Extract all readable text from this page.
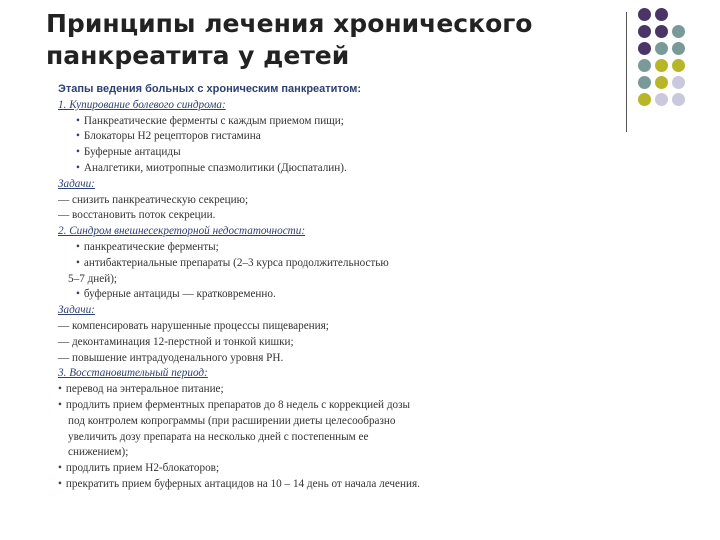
Принципы лечения хронического
панкреатита у детей
Этапы ведения больных с хроническим панкреатитом:
1. Купирование болевого синдрома:
• Панкреатические ферменты с каждым приемом пищи;
• Блокаторы Н2 рецепторов гистамина
• Буферные антациды
• Аналгетики, миотропные спазмолитики (Дюспаталин).
Задачи:
— снизить панкреатическую секрецию;
— восстановить поток секреции.
2. Синдром внешнесекреторной недостаточности:
• панкреатические ферменты;
• антибактериальные препараты (2–3 курса продолжительностью
5–7 дней);
• буферные антациды — кратковременно.
Задачи:
— компенсировать нарушенные процессы пищеварения;
— деконтаминация 12-перстной и тонкой кишки;
— повышение интрадуоденального уровня РН.
3. Восстановительный период:
• перевод на энтеральное питание;
• продлить прием ферментных препаратов до 8 недель с коррекцией дозы
под контролем копрограммы (при расширении диеты целесообразно
увеличить дозу препарата на несколько дней с постепенным ее
снижением);
• продлить прием Н2-блокаторов;
• прекратить прием буферных антацидов на 10 – 14 день от начала лечения.
